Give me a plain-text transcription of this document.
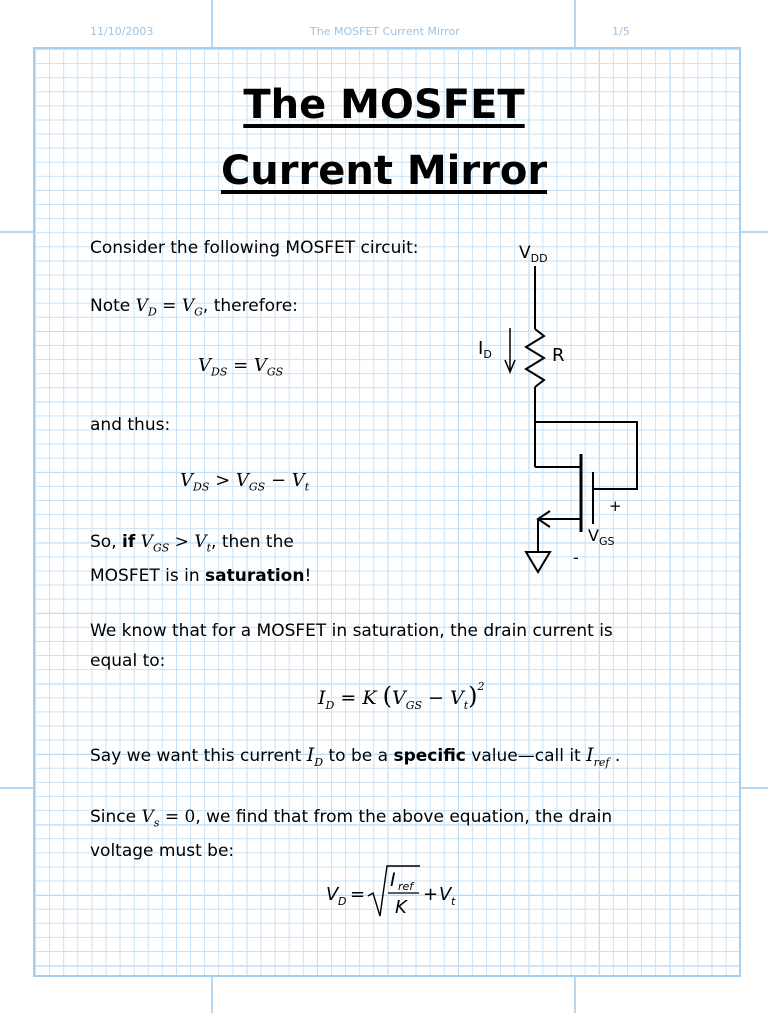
11/10/2003	The MOSFET Current Mirror	1/5
The MOSFET
Current Mirror
Consider the following MOSFET circuit:
Note $V_D = V_G$, therefore:
$V_{DS} = V_{GS}$
and thus:
$V_{DS} > V_{GS} - V_t$
So, if $V_{GS} > V_t$, then the
MOSFET is in saturation!
We know that for a MOSFET in saturation, the drain current is
equal to:
$I_D = K$ $(V_{GS} - V_t)^2$
Say we want this current $I_D$ to be a specific value—call it $I_{ref}$ .
Since $V_s = 0$, we find that from the above equation, the drain
voltage must be:
V D =
I ref
K
+ V t
$V_{DD}$
R
$I_D$
+
$V_{GS}$
-
